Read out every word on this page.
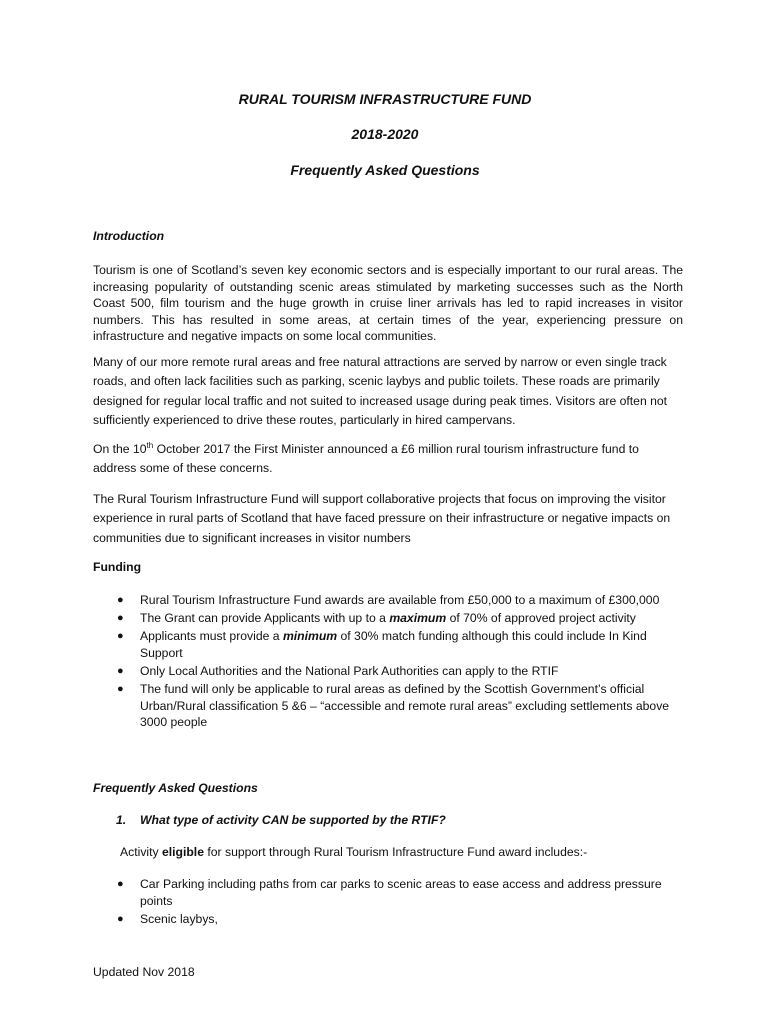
RURAL TOURISM INFRASTRUCTURE FUND
2018-2020
Frequently Asked Questions
Introduction

Tourism is one of Scotland’s seven key economic sectors and is especially important to our rural areas. The increasing popularity of outstanding scenic areas stimulated by marketing successes such as the North Coast 500, film tourism and the huge growth in cruise liner arrivals has led to rapid increases in visitor numbers. This has resulted in some areas, at certain times of the year, experiencing pressure on infrastructure and negative impacts on some local communities.

Many of our more remote rural areas and free natural attractions are served by narrow or even single track roads, and often lack facilities such as parking, scenic laybys and public toilets. These roads are primarily designed for regular local traffic and not suited to increased usage during peak times. Visitors are often not sufficiently experienced to drive these routes, particularly in hired campervans.

On the 10th October 2017 the First Minister announced a £6 million rural tourism infrastructure fund to address some of these concerns.

The Rural Tourism Infrastructure Fund will support collaborative projects that focus on improving the visitor experience in rural parts of Scotland that have faced pressure on their infrastructure or negative impacts on communities due to significant increases in visitor numbers

Funding
● Rural Tourism Infrastructure Fund awards are available from £50,000 to a maximum of £300,000
● The Grant can provide Applicants with up to a maximum of 70% of approved project activity
● Applicants must provide a minimum of 30% match funding although this could include In Kind Support
● Only Local Authorities and the National Park Authorities can apply to the RTIF
● The fund will only be applicable to rural areas as defined by the Scottish Government’s official Urban/Rural classification 5 &6 – “accessible and remote rural areas” excluding settlements above 3000 people
Frequently Asked Questions
1. What type of activity CAN be supported by the RTIF?
Activity eligible for support through Rural Tourism Infrastructure Fund award includes:-
● Car Parking including paths from car parks to scenic areas to ease access and address pressure points
● Scenic laybys,
Updated Nov 2018
